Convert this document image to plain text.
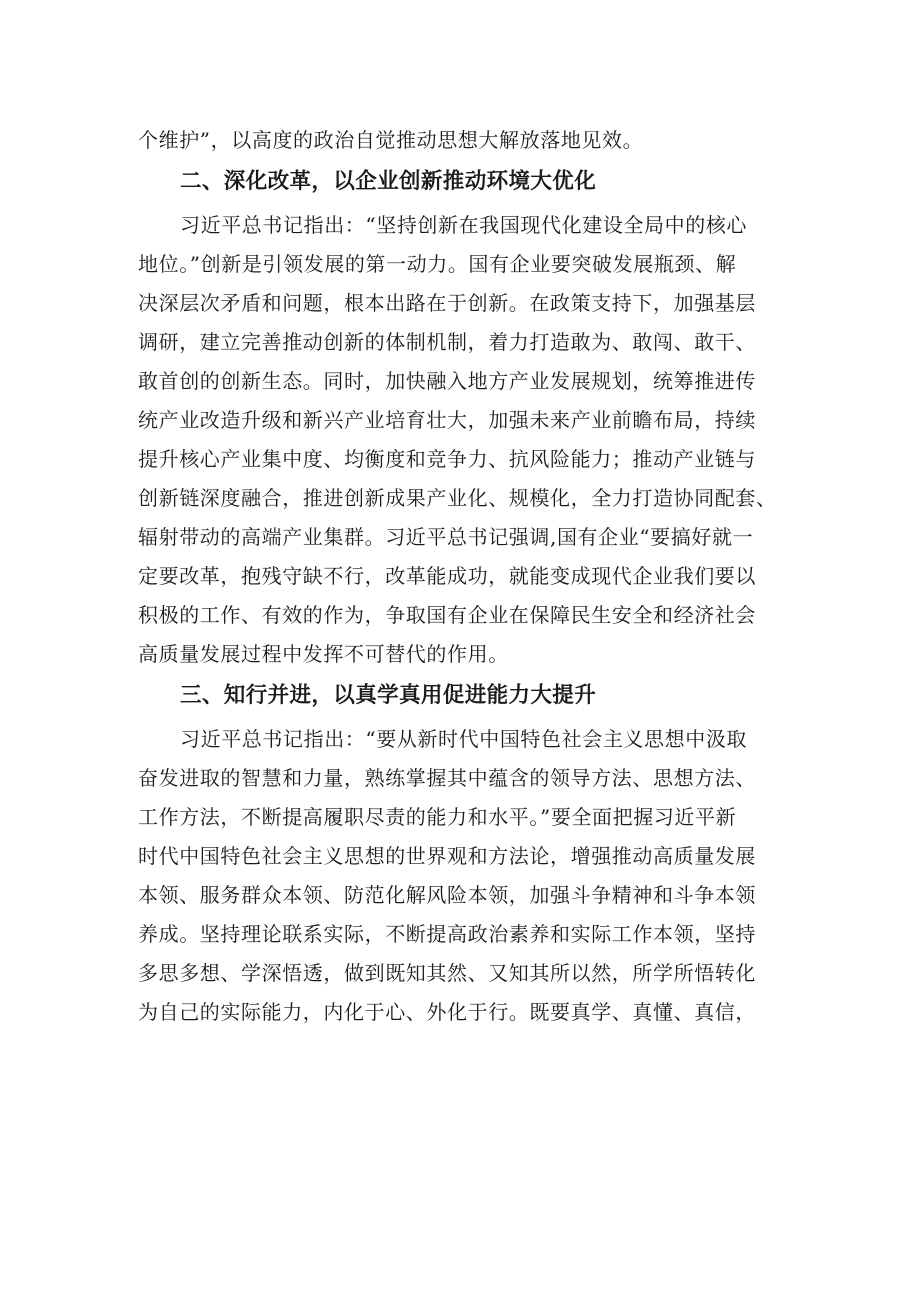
个维护”，以高度的政治自觉推动思想大解放落地见效。
二、深化改革，以企业创新推动环境大优化
习近平总书记指出：“坚持创新在我国现代化建设全局中的核心
地位。”创新是引领发展的第一动力。国有企业要突破发展瓶颈、解
决深层次矛盾和问题，根本出路在于创新。在政策支持下，加强基层
调研，建立完善推动创新的体制机制，着力打造敢为、敢闯、敢干、
敢首创的创新生态。同时，加快融入地方产业发展规划，统筹推进传
统产业改造升级和新兴产业培育壮大，加强未来产业前瞻布局，持续
提升核心产业集中度、均衡度和竞争力、抗风险能力；推动产业链与
创新链深度融合，推进创新成果产业化、规模化，全力打造协同配套、
辐射带动的高端产业集群。习近平总书记强调,国有企业“要搞好就一
定要改革，抱残守缺不行，改革能成功，就能变成现代企业我们要以
积极的工作、有效的作为，争取国有企业在保障民生安全和经济社会
高质量发展过程中发挥不可替代的作用。
三、知行并进，以真学真用促进能力大提升
习近平总书记指出：“要从新时代中国特色社会主义思想中汲取
奋发进取的智慧和力量，熟练掌握其中蕴含的领导方法、思想方法、
工作方法，不断提高履职尽责的能力和水平。”要全面把握习近平新
时代中国特色社会主义思想的世界观和方法论，增强推动高质量发展
本领、服务群众本领、防范化解风险本领，加强斗争精神和斗争本领
养成。坚持理论联系实际，不断提高政治素养和实际工作本领，坚持
多思多想、学深悟透，做到既知其然、又知其所以然，所学所悟转化
为自己的实际能力，内化于心、外化于行。既要真学、真懂、真信，
